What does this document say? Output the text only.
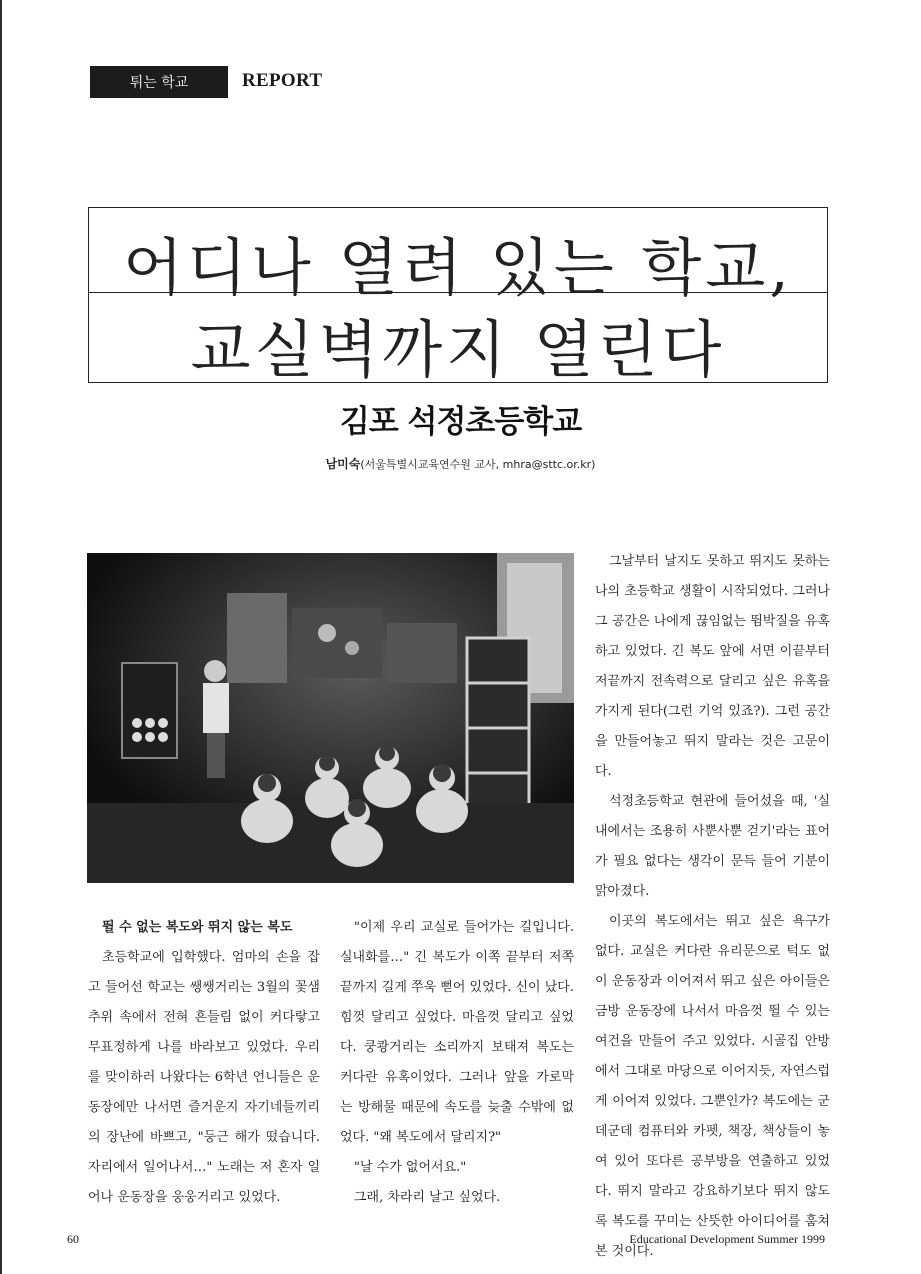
튀는 학교	REPORT
어디나 열려 있는 학교,
교실벽까지 열린다
김포 석정초등학교
남미숙(서울특별시교육연수원 교사, mhra@sttc.or.kr)

뛸 수 없는 복도와 뛰지 않는 복도

초등학교에 입학했다. 엄마의 손을 잡고 들어선 학교는 쌩쌩거리는 3월의 꽃샘추위 속에서 전혀 흔들림 없이 커다랗고 무표정하게 나를 바라보고 있었다. 우리를 맞이하러 나왔다는 6학년 언니들은 운동장에만 나서면 즐거운지 자기네들끼리의 장난에 바쁘고, "둥근 해가 떴습니다. 자리에서 일어나서…" 노래는 저 혼자 일어나 운동장을 웅웅거리고 있었다.

"이제 우리 교실로 들어가는 길입니다. 실내화를…" 긴 복도가 이쪽 끝부터 저쪽 끝까지 길게 쭈욱 뻗어 있었다. 신이 났다. 힘껏 달리고 싶었다. 마음껏 달리고 싶었다. 쿵쾅거리는 소리까지 보태져 복도는 커다란 유혹이었다. 그러나 앞을 가로막는 방해물 때문에 속도를 늦출 수밖에 없었다. "왜 복도에서 달리지?"

"날 수가 없어서요."

그래, 차라리 날고 싶었다.

그날부터 날지도 못하고 뛰지도 못하는 나의 초등학교 생활이 시작되었다. 그러나 그 공간은 나에게 끊임없는 뜀박질을 유혹하고 있었다. 긴 복도 앞에 서면 이끝부터 저끝까지 전속력으로 달리고 싶은 유혹을 가지게 된다(그런 기억 있죠?). 그런 공간을 만들어놓고 뛰지 말라는 것은 고문이다.

석정초등학교 현관에 들어섰을 때, '실내에서는 조용히 사뿐사뿐 걷기'라는 표어가 필요 없다는 생각이 문득 들어 기분이 맑아졌다.

이곳의 복도에서는 뛰고 싶은 욕구가 없다. 교실은 커다란 유리문으로 턱도 없이 운동장과 이어져서 뛰고 싶은 아이들은 금방 운동장에 나서서 마음껏 뛸 수 있는 여건을 만들어 주고 있었다. 시골집 안방에서 그대로 마당으로 이어지듯, 자연스럽게 이어져 있었다. 그뿐인가? 복도에는 군데군데 컴퓨터와 카펫, 책장, 책상들이 놓여 있어 또다른 공부방을 연출하고 있었다. 뛰지 말라고 강요하기보다 뛰지 않도록 복도를 꾸미는 산뜻한 아이디어를 훔쳐본 것이다.

60	Educational Development Summer 1999
